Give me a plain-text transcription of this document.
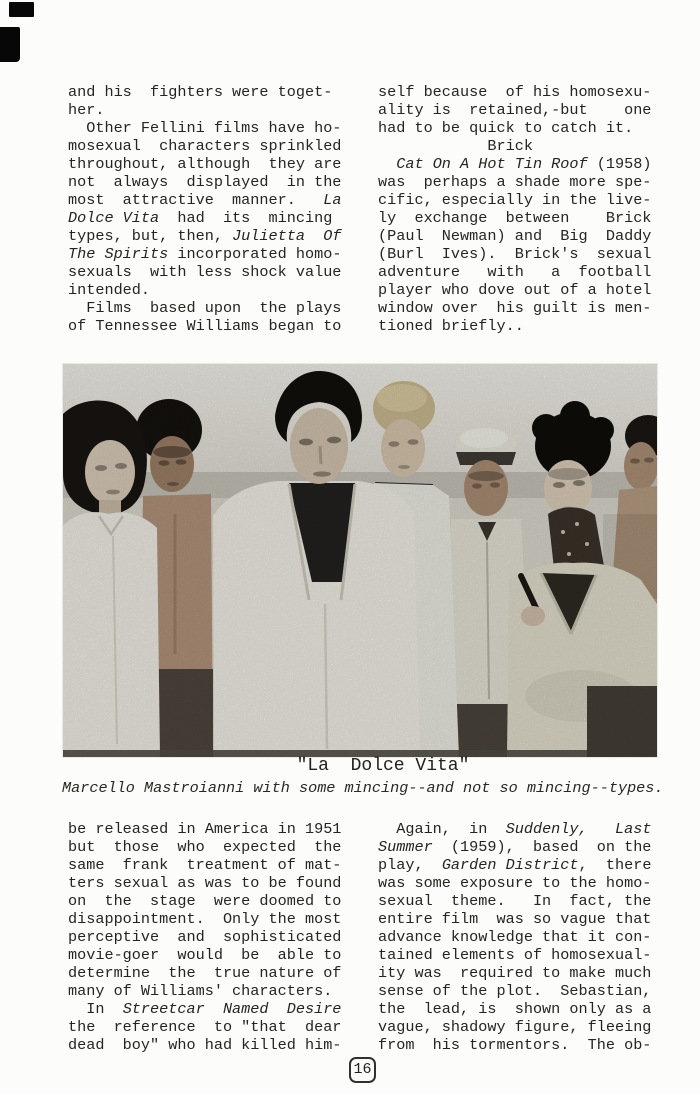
and his  fighters were toget-
her.
Other Fellini films have ho-
mosexual  characters sprinkled
throughout, although  they are
not  always  displayed  in the
most  attractive  manner.   La
Dolce Vita  had  its  mincing
types, but, then, Julietta  Of
The Spirits incorporated homo-
sexuals  with less shock value
intended.
Films  based upon  the plays
of Tennessee Williams began to
self because  of his homosexu-
ality is  retained,-but    one
had to be quick to catch it.
Brick
Cat On A Hot Tin Roof (1958)
was  perhaps a shade more spe-
cific, especially in the live-
ly  exchange  between    Brick
(Paul  Newman) and  Big  Daddy
(Burl  Ives).  Brick's  sexual
adventure   with   a  football
player who dove out of a hotel
window over  his guilt is men-
tioned briefly..
"La  Dolce Vita"
Marcello Mastroianni with some mincing--and not so mincing--types.
be released in America in 1951
but  those  who  expected  the
same  frank  treatment of mat-
ters sexual as was to be found
on  the  stage  were doomed to
disappointment.  Only the most
perceptive  and  sophisticated
movie-goer  would  be  able to
determine  the  true nature of
many of Williams' characters.
In  Streetcar  Named  Desire
the  reference  to "that  dear
dead  boy" who had killed him-
Again,  in  Suddenly,   Last
Summer  (1959),  based  on the
play,  Garden District,  there
was some exposure to the homo-
sexual  theme.   In  fact, the
entire film  was so vague that
advance knowledge that it con-
tained elements of homosexual-
ity was  required to make much
sense of the plot.  Sebastian,
the  lead, is  shown only as a
vague, shadowy figure, fleeing
from  his tormentors.  The ob-
16
